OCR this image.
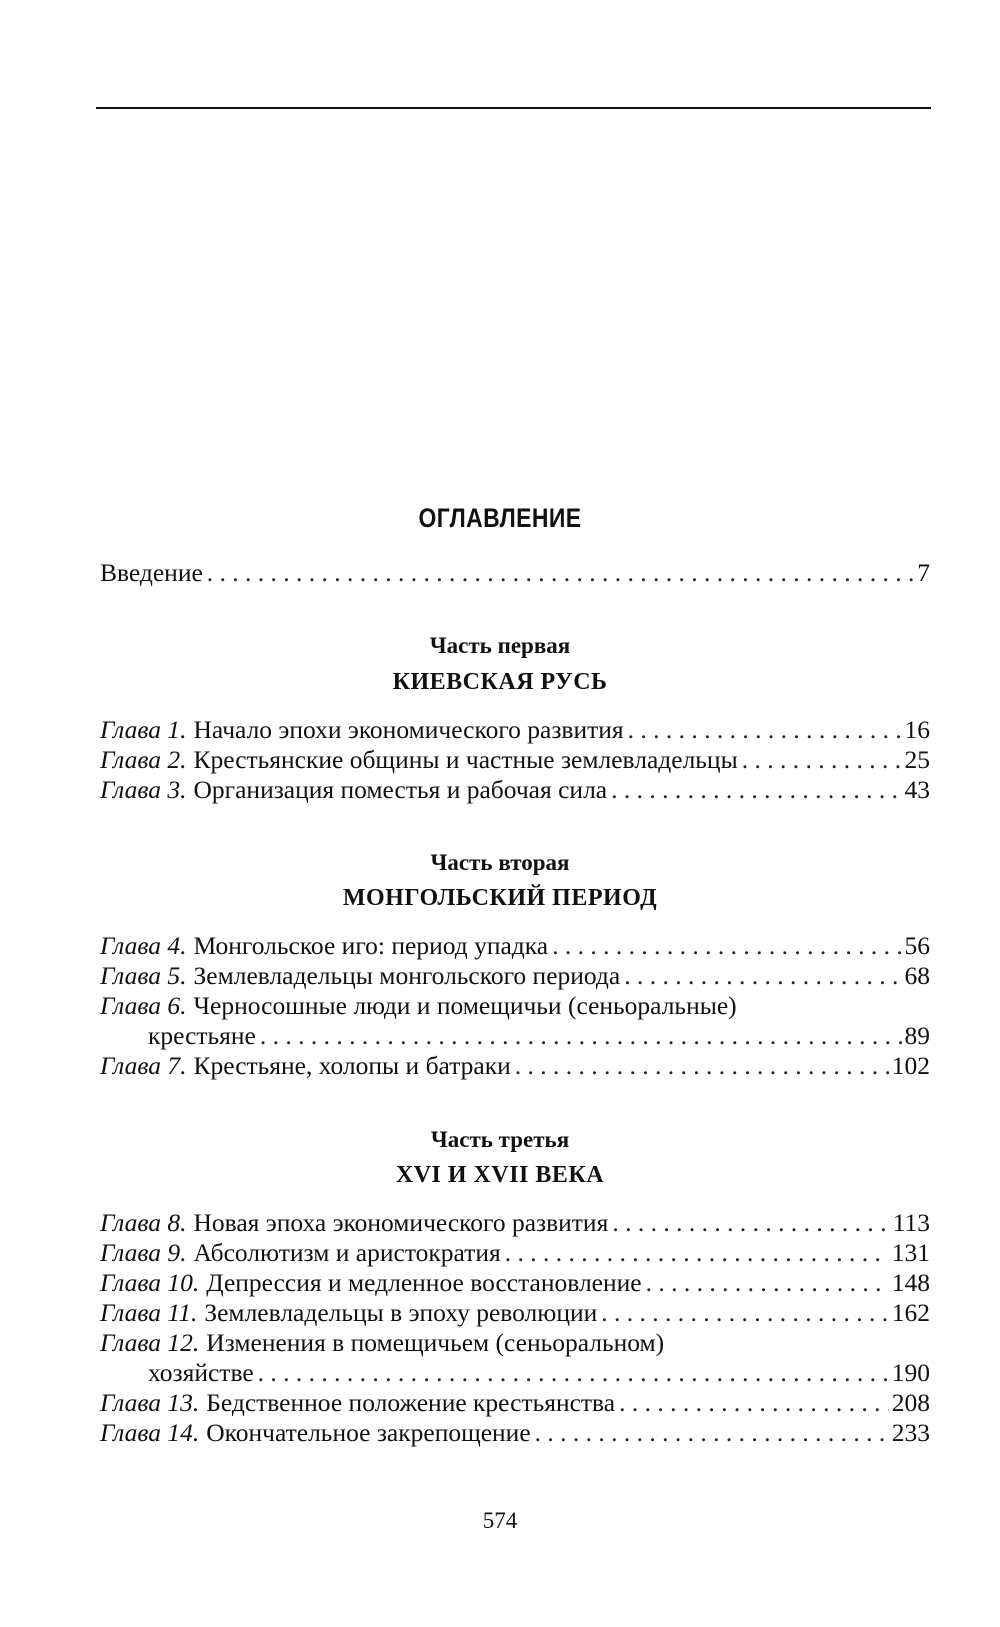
ОГЛАВЛЕНИЕ
Введение . . .	7
Часть первая
КИЕВСКАЯ РУСЬ
Глава 1. Начало эпохи экономического развития . . .	16
Глава 2. Крестьянские общины и частные землевладельцы . . .	25
Глава 3. Организация поместья и рабочая сила . . .	43
Часть вторая
МОНГОЛЬСКИЙ ПЕРИОД
Глава 4. Монгольское иго: период упадка . . .	56
Глава 5. Землевладельцы монгольского периода . . .	68
Глава 6. Черносошные люди и помещичьи (сеньоральные)
крестьяне . . .	89
Глава 7. Крестьяне, холопы и батраки . . .	102
Часть третья
XVI И XVII ВЕКА
Глава 8. Новая эпоха экономического развития . . .	113
Глава 9. Абсолютизм и аристократия . . .	131
Глава 10. Депрессия и медленное восстановление . . .	148
Глава 11. Землевладельцы в эпоху революции . . .	162
Глава 12. Изменения в помещичьем (сеньоральном)
хозяйстве . . .	190
Глава 13. Бедственное положение крестьянства . . .	208
Глава 14. Окончательное закрепощение . . .	233
574
